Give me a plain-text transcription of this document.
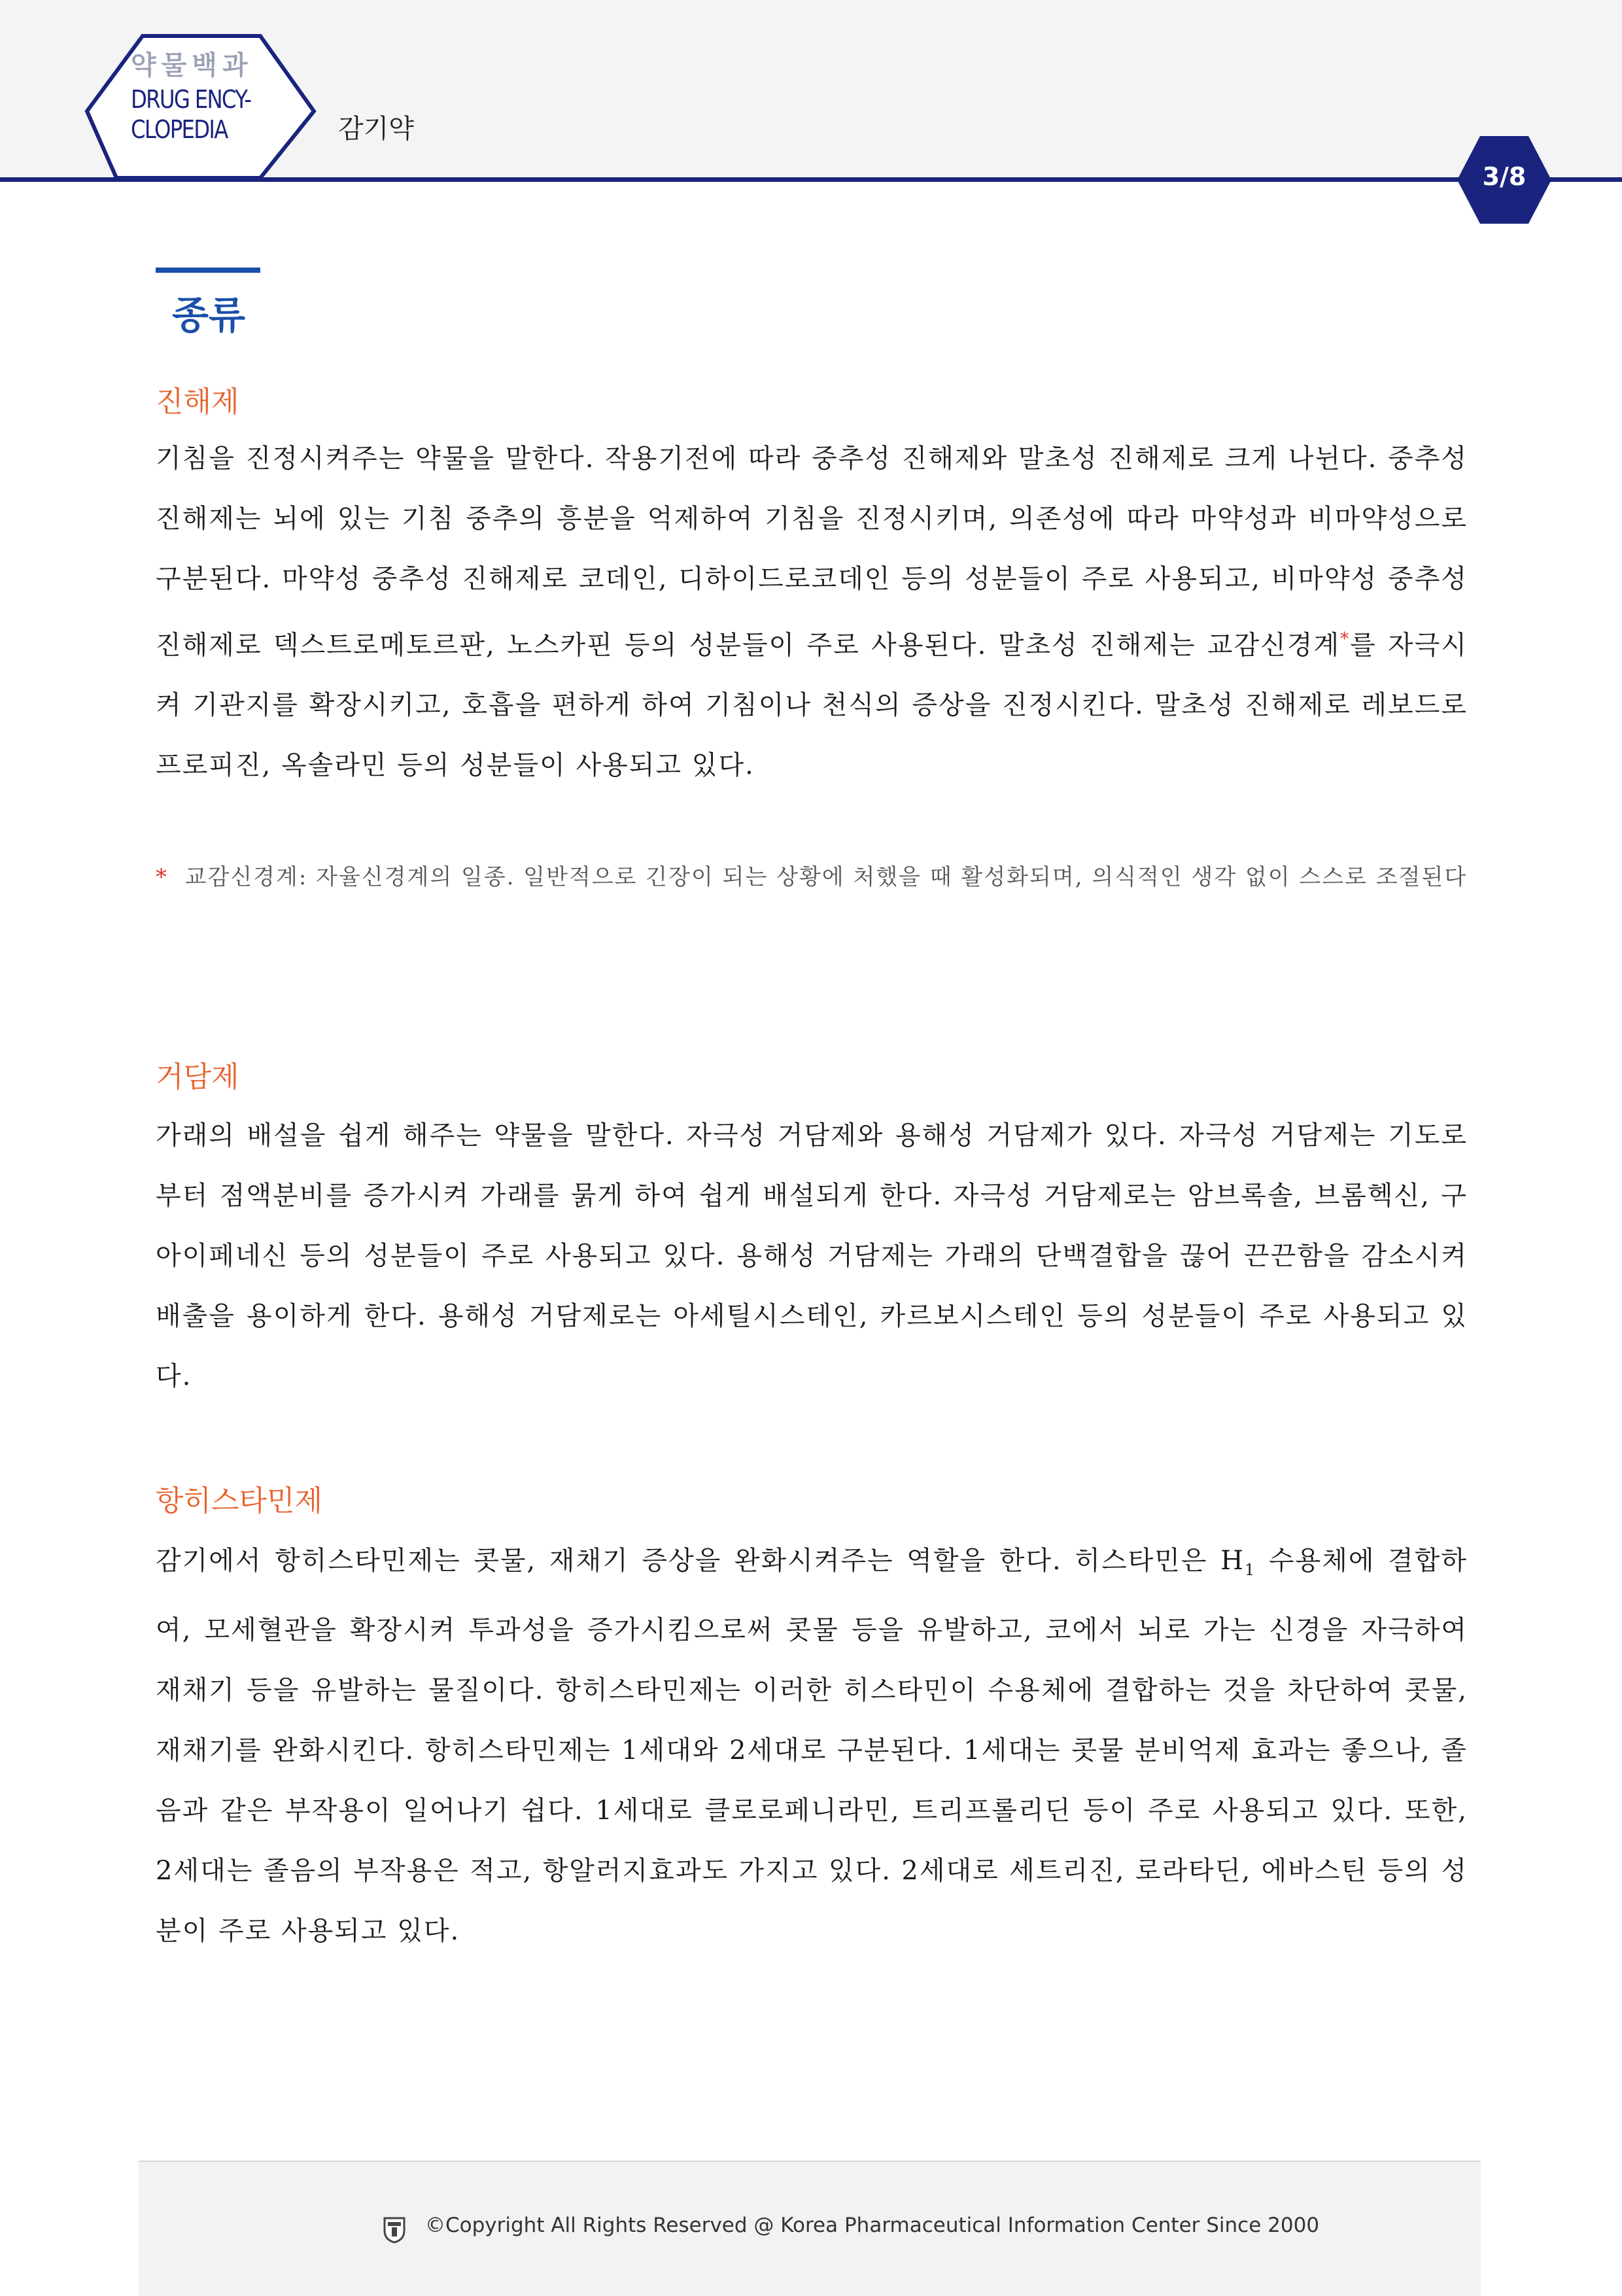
약물백과
DRUG ENCY-
CLOPEDIA	감기약
3/8
종류
진해제

기침을 진정시켜주는 약물을 말한다. 작용기전에 따라 중추성 진해제와 말초성 진해제로 크게 나뉜다. 중추성 진해제는 뇌에 있는 기침 중추의 흥분을 억제하여 기침을 진정시키며, 의존성에 따라 마약성과 비마약성으로 구분된다. 마약성 중추성 진해제로 코데인, 디하이드로코데인 등의 성분들이 주로 사용되고, 비마약성 중추성 진해제로 덱스트로메토르판, 노스카핀 등의 성분들이 주로 사용된다. 말초성 진해제는 교감신경계*를 자극시켜 기관지를 확장시키고, 호흡을 편하게 하여 기침이나 천식의 증상을 진정시킨다. 말초성 진해제로 레보드로프로피진, 옥솔라민 등의 성분들이 사용되고 있다.

* 교감신경계: 자율신경계의 일종. 일반적으로 긴장이 되는 상황에 처했을 때 활성화되며, 의식적인 생각 없이 스스로 조절된다

거담제

가래의 배설을 쉽게 해주는 약물을 말한다. 자극성 거담제와 용해성 거담제가 있다. 자극성 거담제는 기도로부터 점액분비를 증가시켜 가래를 묽게 하여 쉽게 배설되게 한다. 자극성 거담제로는 암브록솔, 브롬헥신, 구아이페네신 등의 성분들이 주로 사용되고 있다. 용해성 거담제는 가래의 단백결합을 끊어 끈끈함을 감소시켜 배출을 용이하게 한다. 용해성 거담제로는 아세틸시스테인, 카르보시스테인 등의 성분들이 주로 사용되고 있다.

항히스타민제

감기에서 항히스타민제는 콧물, 재채기 증상을 완화시켜주는 역할을 한다. 히스타민은 $H_1$ 수용체에 결합하여, 모세혈관을 확장시켜 투과성을 증가시킴으로써 콧물 등을 유발하고, 코에서 뇌로 가는 신경을 자극하여 재채기 등을 유발하는 물질이다. 항히스타민제는 이러한 히스타민이 수용체에 결합하는 것을 차단하여 콧물, 재채기를 완화시킨다. 항히스타민제는 1세대와 2세대로 구분된다. 1세대는 콧물 분비억제 효과는 좋으나, 졸음과 같은 부작용이 일어나기 쉽다. 1세대로 클로로페니라민, 트리프롤리딘 등이 주로 사용되고 있다. 또한, 2세대는 졸음의 부작용은 적고, 항알러지효과도 가지고 있다. 2세대로 세트리진, 로라타딘, 에바스틴 등의 성분이 주로 사용되고 있다.

©Copyright All Rights Reserved @ Korea Pharmaceutical Information Center Since 2000
